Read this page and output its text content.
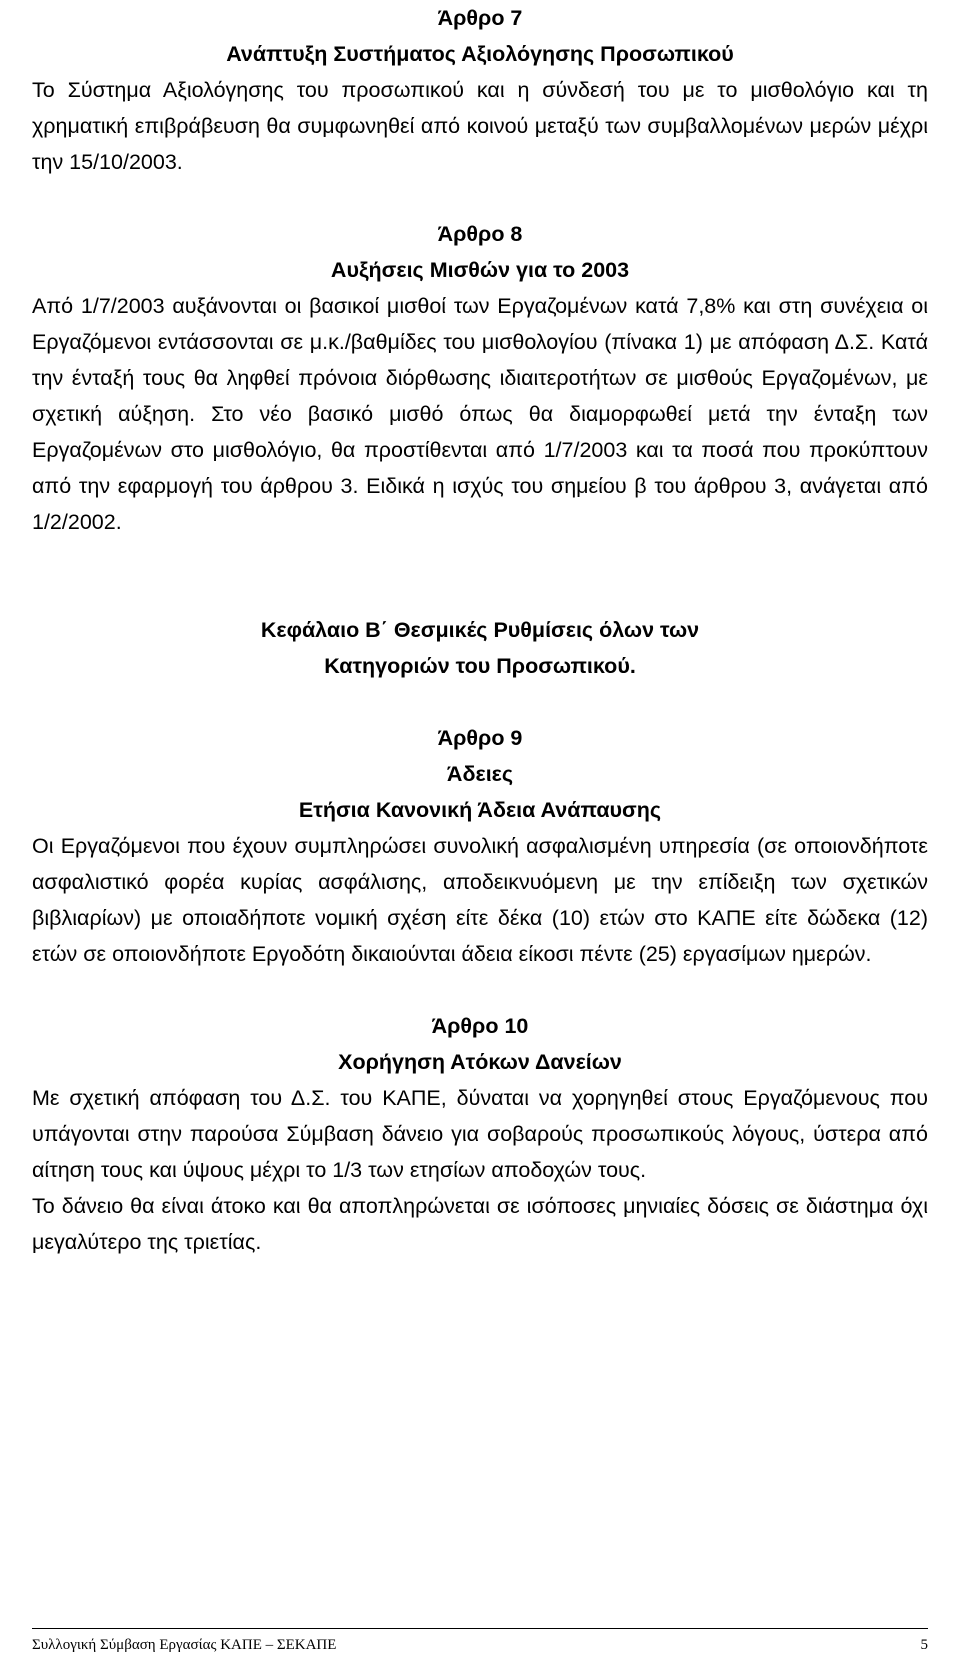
Άρθρο 7

Ανάπτυξη Συστήματος Αξιολόγησης Προσωπικού

Το Σύστημα Αξιολόγησης του προσωπικού και η σύνδεσή του με το μισθολόγιο και τη χρηματική επιβράβευση θα συμφωνηθεί από κοινού μεταξύ των συμβαλλομένων μερών μέχρι την 15/10/2003.

Άρθρο 8

Αυξήσεις Μισθών για το 2003

Από 1/7/2003 αυξάνονται οι βασικοί μισθοί των Εργαζομένων κατά 7,8% και στη συνέχεια οι Εργαζόμενοι εντάσσονται σε μ.κ./βαθμίδες του μισθολογίου (πίνακα 1) με απόφαση Δ.Σ. Κατά την ένταξή τους θα ληφθεί πρόνοια διόρθωσης ιδιαιτεροτήτων σε μισθούς Εργαζομένων, με σχετική αύξηση. Στο νέο βασικό μισθό όπως θα διαμορφωθεί μετά την ένταξη των Εργαζομένων στο μισθολόγιο, θα προστίθενται από 1/7/2003 και τα ποσά που προκύπτουν από την εφαρμογή του άρθρου 3. Ειδικά η ισχύς του σημείου β του άρθρου 3, ανάγεται από 1/2/2002.

Κεφάλαιο Β΄ Θεσμικές Ρυθμίσεις όλων των

Κατηγοριών του Προσωπικού.

Άρθρο 9

Άδειες

Ετήσια Κανονική Άδεια Ανάπαυσης

Οι Εργαζόμενοι που έχουν συμπληρώσει συνολική ασφαλισμένη υπηρεσία (σε οποιονδήποτε ασφαλιστικό φορέα κυρίας ασφάλισης, αποδεικνυόμενη με την επίδειξη των σχετικών βιβλιαρίων) με οποιαδήποτε νομική σχέση είτε δέκα (10) ετών στο ΚΑΠΕ είτε δώδεκα (12) ετών σε οποιονδήποτε Εργοδότη δικαιούνται άδεια είκοσι πέντε (25) εργασίμων ημερών.

Άρθρο 10

Χορήγηση Ατόκων Δανείων

Με σχετική απόφαση του Δ.Σ. του ΚΑΠΕ, δύναται να χορηγηθεί στους Εργαζόμενους που υπάγονται στην παρούσα Σύμβαση δάνειο για σοβαρούς προσωπικούς λόγους, ύστερα από αίτηση τους και ύψους μέχρι το 1/3 των ετησίων αποδοχών τους.

Το δάνειο θα είναι άτοκο και θα αποπληρώνεται σε ισόποσες μηνιαίες δόσεις σε διάστημα όχι μεγαλύτερο της τριετίας.

Συλλογική Σύμβαση Εργασίας ΚΑΠΕ – ΣΕΚΑΠΕ	5
